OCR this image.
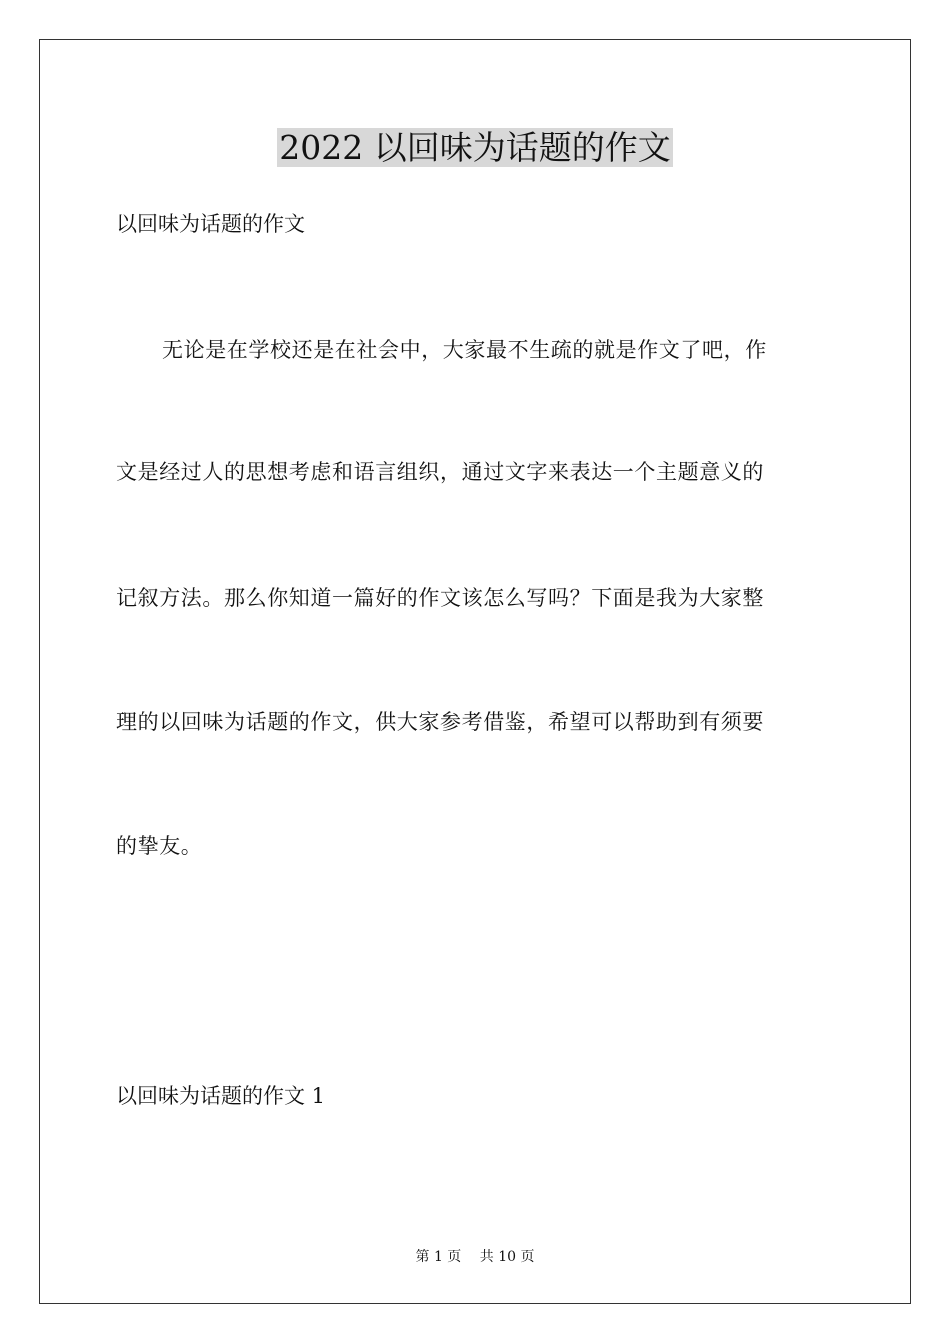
2022 以回味为话题的作文
以回味为话题的作文
无论是在学校还是在社会中，大家最不生疏的就是作文了吧，作
文是经过人的思想考虑和语言组织，通过文字来表达一个主题意义的
记叙方法。那么你知道一篇好的作文该怎么写吗？下面是我为大家整
理的以回味为话题的作文，供大家参考借鉴，希望可以帮助到有须要
的挚友。
以回味为话题的作文 1
第 1 页 共 10 页
